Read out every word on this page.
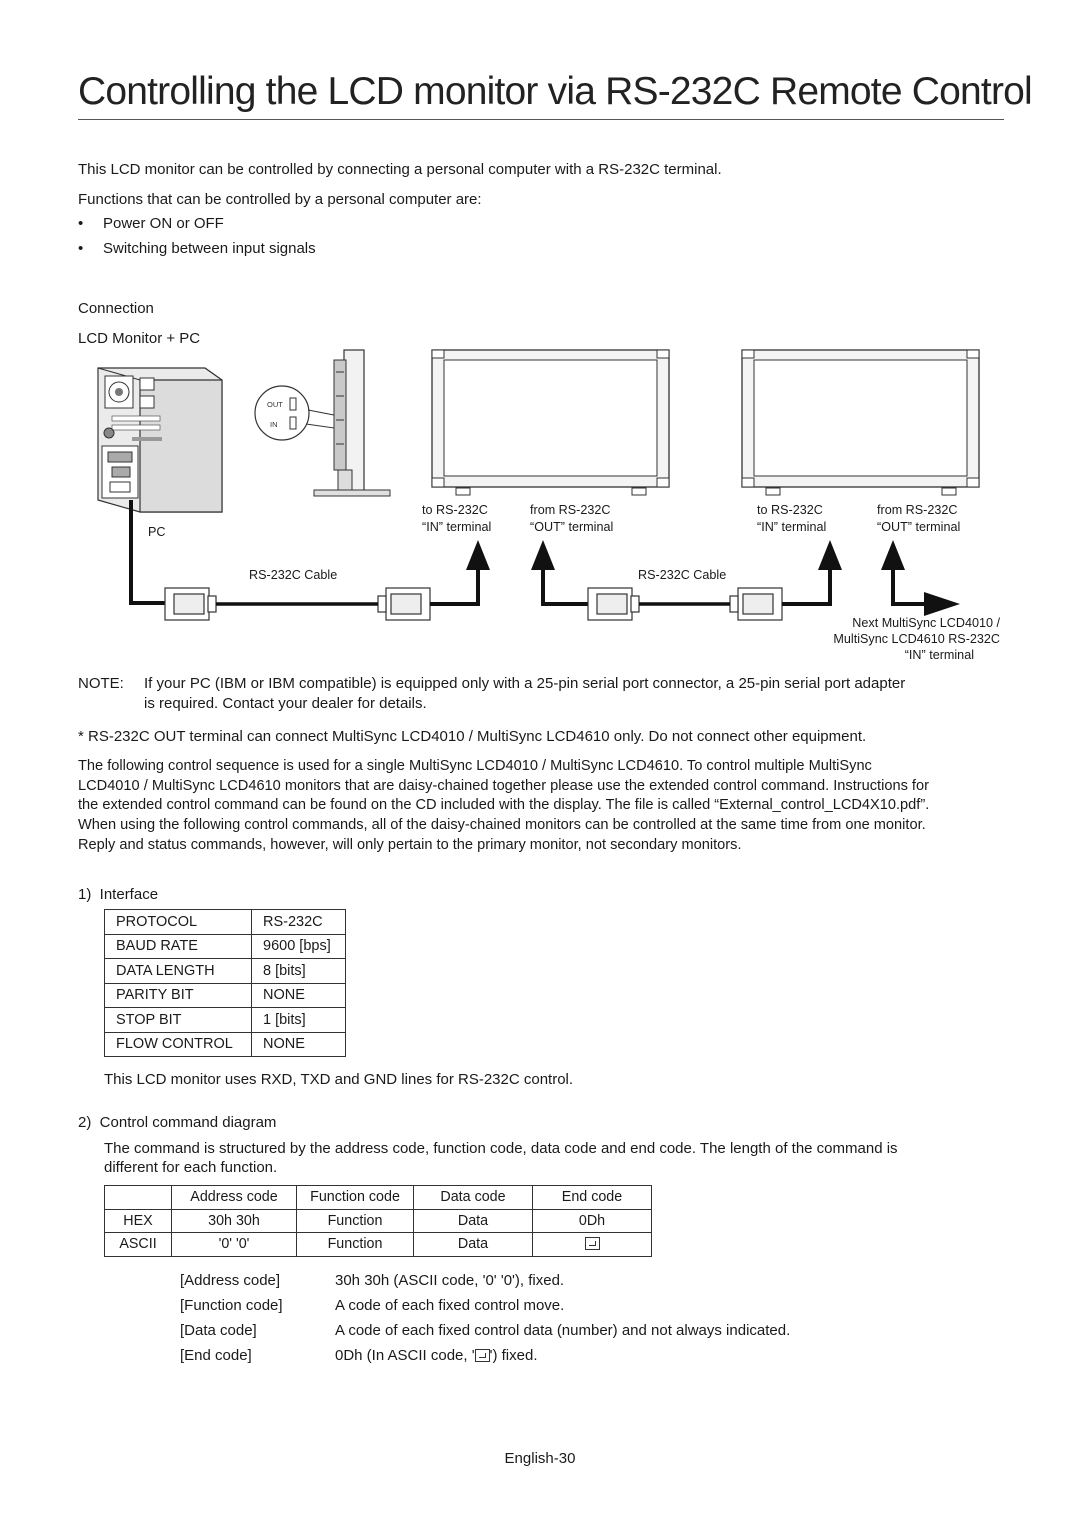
Controlling the LCD monitor via RS-232C Remote Control
This LCD monitor can be controlled by connecting a personal computer with a RS-232C terminal.
Functions that can be controlled by a personal computer are:
• Power ON or OFF
• Switching between input signals
Connection
LCD Monitor + PC
OUT
IN
PC
to RS-232C
“IN” terminal
from RS-232C
“OUT” terminal
to RS-232C
“IN” terminal
from RS-232C
“OUT” terminal
RS-232C Cable	RS-232C Cable
Next MultiSync LCD4010 /
MultiSync LCD4610 RS-232C
“IN” terminal
NOTE: If your PC (IBM or IBM compatible) is equipped only with a 25-pin serial port connector, a 25-pin serial port adapter
is required. Contact your dealer for details.
* RS-232C OUT terminal can connect MultiSync LCD4010 / MultiSync LCD4610 only. Do not connect other equipment.
The following control sequence is used for a single MultiSync LCD4010 / MultiSync LCD4610. To control multiple MultiSync
LCD4010 / MultiSync LCD4610 monitors that are daisy-chained together please use the extended control command. Instructions for
the extended control command can be found on the CD included with the display. The file is called “External_control_LCD4X10.pdf”.
When using the following control commands, all of the daisy-chained monitors can be controlled at the same time from one monitor.
Reply and status commands, however, will only pertain to the primary monitor, not secondary monitors.
1)  Interface
PROTOCOL	RS-232C
BAUD RATE	9600 [bps]
DATA LENGTH	8 [bits]
PARITY BIT	NONE
STOP BIT	1 [bits]
FLOW CONTROL	NONE
This LCD monitor uses RXD, TXD and GND lines for RS-232C control.
2)  Control command diagram
The command is structured by the address code, function code, data code and end code. The length of the command is
different for each function.
	Address code	Function code	Data code	End code
HEX	30h 30h	Function	Data	0Dh
ASCII	'0' '0'	Function	Data	
[Address code]	30h 30h (ASCII code, '0' '0'), fixed.
[Function code]	A code of each fixed control move.
[Data code]	A code of each fixed control data (number) and not always indicated.
[End code]	0Dh (In ASCII code, ' ') fixed.
English-30
